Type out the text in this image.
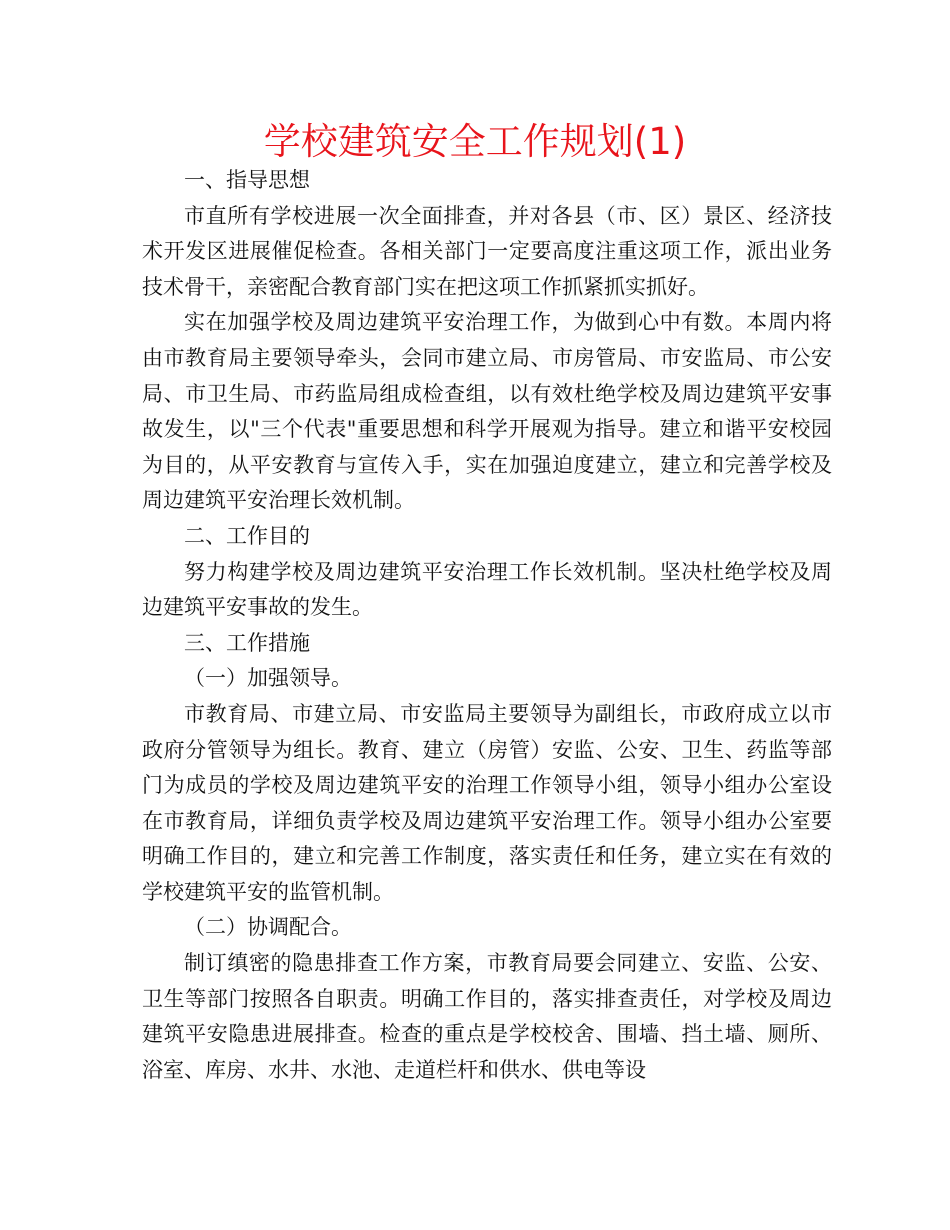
学校建筑安全工作规划(1)

一、指导思想

市直所有学校进展一次全面排查，并对各县（市、区）景区、经济技术开发区进展催促检查。各相关部门一定要高度注重这项工作，派出业务技术骨干，亲密配合教育部门实在把这项工作抓紧抓实抓好。

实在加强学校及周边建筑平安治理工作，为做到心中有数。本周内将由市教育局主要领导牵头，会同市建立局、市房管局、市安监局、市公安局、市卫生局、市药监局组成检查组，以有效杜绝学校及周边建筑平安事故发生，以"三个代表"重要思想和科学开展观为指导。建立和谐平安校园为目的，从平安教育与宣传入手，实在加强迫度建立，建立和完善学校及周边建筑平安治理长效机制。

二、工作目的

努力构建学校及周边建筑平安治理工作长效机制。坚决杜绝学校及周边建筑平安事故的发生。

三、工作措施

（一）加强领导。

市教育局、市建立局、市安监局主要领导为副组长，市政府成立以市政府分管领导为组长。教育、建立（房管）安监、公安、卫生、药监等部门为成员的学校及周边建筑平安的治理工作领导小组，领导小组办公室设在市教育局，详细负责学校及周边建筑平安治理工作。领导小组办公室要明确工作目的，建立和完善工作制度，落实责任和任务，建立实在有效的学校建筑平安的监管机制。

（二）协调配合。

制订缜密的隐患排查工作方案，市教育局要会同建立、安监、公安、卫生等部门按照各自职责。明确工作目的，落实排查责任，对学校及周边建筑平安隐患进展排查。检查的重点是学校校舍、围墙、挡土墙、厕所、浴室、库房、水井、水池、走道栏杆和供水、供电等设
